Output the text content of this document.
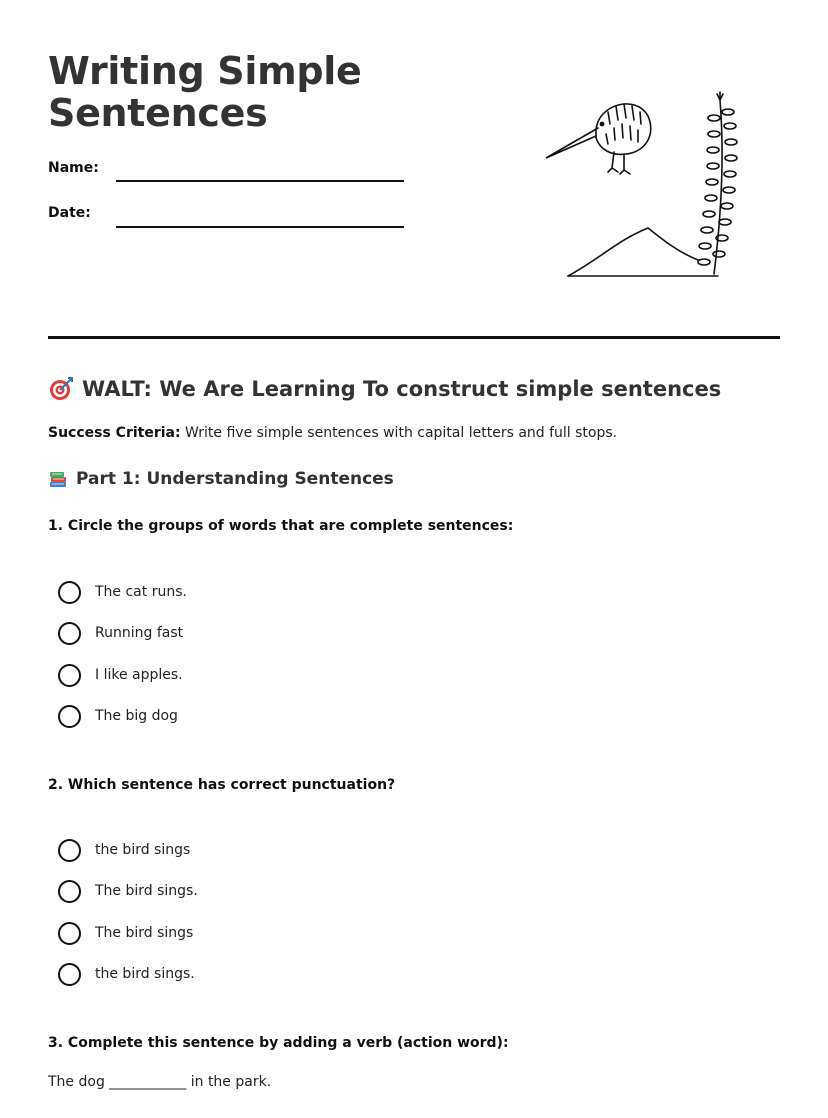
Writing Simple
Sentences
Name:
Date:
WALT: We Are Learning To construct simple sentences
Success Criteria: Write five simple sentences with capital letters and full stops.
Part 1: Understanding Sentences
1. Circle the groups of words that are complete sentences:
The cat runs.
Running fast
I like apples.
The big dog
2. Which sentence has correct punctuation?
the bird sings
The bird sings.
The bird sings
the bird sings.
3. Complete this sentence by adding a verb (action word):
The dog ___________ in the park.
